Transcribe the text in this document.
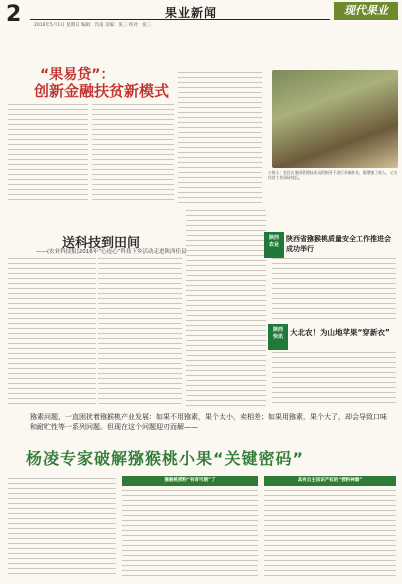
2	果业新闻
2016年5月1日 星期日 编辑：肖南 美编：张三 校对：张三
现代果业
“果易贷”：
创新金融扶贫新模式
小贴士：农民在果园管理技术员的指导下进行采摘作业，既增加了收入，又为扶贫工作添砖加瓦。
送科技到田间
——(农业科技报)2016年“心连心”科技下乡活动走进陕西佳县
陕西
农业
陕西省猕猴桃质量安全工作推进会成功举行
陕西
快讯 大北农！为山地苹果“穿新衣”
猕素问题，一直困扰着猕猴桃产业发展：如果不用猕素，果个太小，卖相差；如果用猕素，果个大了，却会导致口味和耐贮性等一系列问题。但现在这个问题迎刃而解——
杨凌专家破解猕猴桃小果“关键密码”
猕猴桃授粉“有奇可期”了	具有自主知识产权的“授粉神器”
